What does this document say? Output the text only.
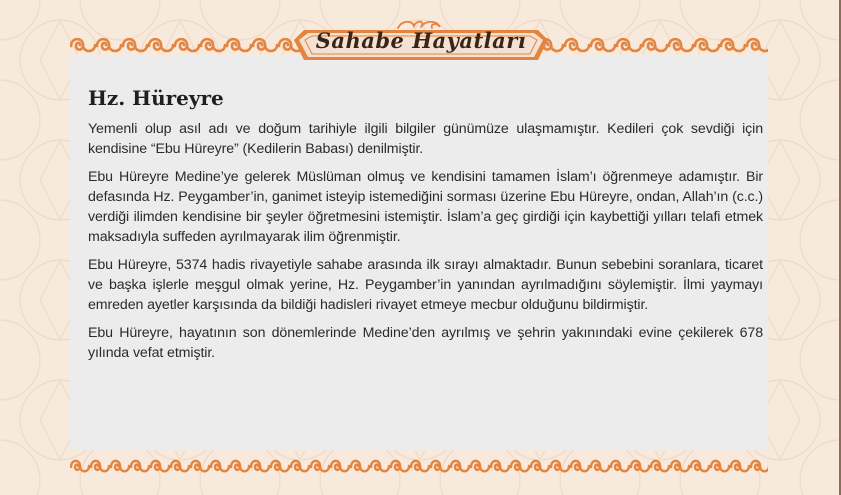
Sahabe Hayatları
Hz. Hüreyre

Yemenli olup asıl adı ve doğum tarihiyle ilgili bilgiler günümüze ulaşmamıştır. Kedileri çok sevdiği için kendisine “Ebu Hüreyre” (Kedilerin Babası) denilmiştir.

Ebu Hüreyre Medine’ye gelerek Müslüman olmuş ve kendisini tamamen İslam’ı öğrenmeye adamıştır. Bir defasında Hz. Peygamber’in, ganimet isteyip istemediğini sorması üzerine Ebu Hüreyre, ondan, Allah’ın (c.c.) verdiği ilimden kendisine bir şeyler öğretmesini istemiştir. İslam’a geç girdiği için kaybettiği yılları telafi etmek maksadıyla suffeden ayrılmayarak ilim öğrenmiştir.

Ebu Hüreyre, 5374 hadis rivayetiyle sahabe arasında ilk sırayı almaktadır. Bunun sebebini soranlara, ticaret ve başka işlerle meşgul olmak yerine, Hz. Peygamber’in yanından ayrılmadığını söylemiştir. İlmi yaymayı emreden ayetler karşısında da bildiği hadisleri rivayet etmeye mecbur olduğunu bildirmiştir.

Ebu Hüreyre, hayatının son dönemlerinde Medine’den ayrılmış ve şehrin yakınındaki evine çekilerek 678 yılında vefat etmiştir.
